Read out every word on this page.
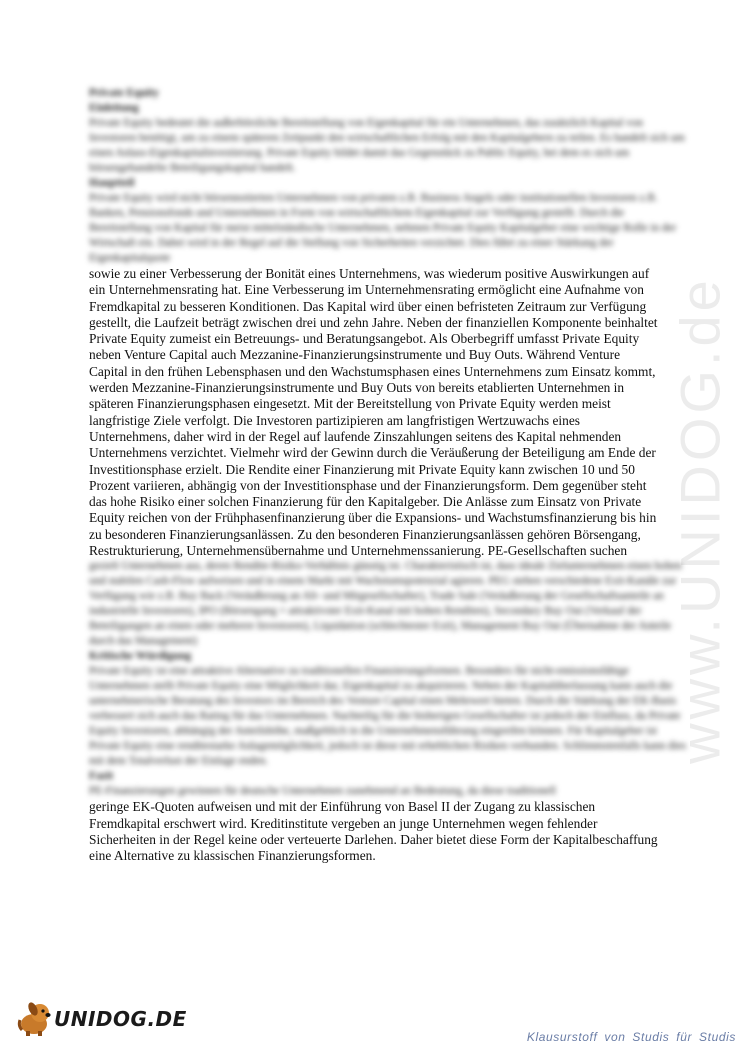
www.UNIDOG.de
Private Equity
Einleitung
Private Equity bedeutet die außerbörsliche Bereitstellung von Eigenkapital für ein Unternehmen, das zusätzlich Kapital von Investoren benötigt, um zu einem späteren Zeitpunkt den wirtschaftlichen Erfolg mit den Kapitalgebern zu teilen. Es handelt sich um einen Anlass-Eigenkapitalinvestierung. Private Equity bildet damit das Gegenstück zu Public Equity, bei dem es sich um börsengehandelte Beteiligungskapital handelt.
Hauptteil
Private Equity wird nicht börsennotierten Unternehmen von privaten z.B. Business Angels oder institutionellen Investoren z.B. Banken, Pensionsfonds und Unternehmen in Form von wirtschaftlichem Eigenkapital zur Verfügung gestellt. Durch die Bereitstellung von Kapital für meist mittelständische Unternehmen, nehmen Private Equity Kapitalgeber eine wichtige Rolle in der Wirtschaft ein. Dabei wird in der Regel auf die Stellung von Sicherheiten verzichtet. Dies führt zu einer Stärkung der Eigenkapitalquote
sowie zu einer Verbesserung der Bonität eines Unternehmens, was wiederum positive Auswirkungen auf
ein Unternehmensrating hat. Eine Verbesserung im Unternehmensrating ermöglicht eine Aufnahme von
Fremdkapital zu besseren Konditionen. Das Kapital wird über einen befristeten Zeitraum zur Verfügung
gestellt, die Laufzeit beträgt zwischen drei und zehn Jahre. Neben der finanziellen Komponente beinhaltet
Private Equity zumeist ein Betreuungs- und Beratungsangebot. Als Oberbegriff umfasst Private Equity
neben Venture Capital auch Mezzanine-Finanzierungsinstrumente und Buy Outs. Während Venture
Capital in den frühen Lebensphasen und den Wachstumsphasen eines Unternehmens zum Einsatz kommt,
werden Mezzanine-Finanzierungsinstrumente und Buy Outs von bereits etablierten Unternehmen in
späteren Finanzierungsphasen eingesetzt. Mit der Bereitstellung von Private Equity werden meist
langfristige Ziele verfolgt. Die Investoren partizipieren am langfristigen Wertzuwachs eines
Unternehmens, daher wird in der Regel auf laufende Zinszahlungen seitens des Kapital nehmenden
Unternehmens verzichtet. Vielmehr wird der Gewinn durch die Veräußerung der Beteiligung am Ende der
Investitionsphase erzielt. Die Rendite einer Finanzierung mit Private Equity kann zwischen 10 und 50
Prozent variieren, abhängig von der Investitionsphase und der Finanzierungsform. Dem gegenüber steht
das hohe Risiko einer solchen Finanzierung für den Kapitalgeber. Die Anlässe zum Einsatz von Private
Equity reichen von der Frühphasenfinanzierung über die Expansions- und Wachstumsfinanzierung bis hin
zu besonderen Finanzierungsanlässen. Zu den besonderen Finanzierungsanlässen gehören Börsengang,
Restrukturierung, Unternehmensübernahme und Unternehmenssanierung. PE-Gesellschaften suchen
gezielt Unternehmen aus, deren Rendite-Risiko-Verhältnis günstig ist. Charakteristisch ist, dass ideale Zielunternehmen einen hohen und stabilen Cash-Flow aufweisen und in einem Markt mit Wachstumspotenzial agieren. PEG stehen verschiedene Exit-Kanäle zur Verfügung wie z.B. Buy Back (Veräußerung an Alt- und Mitgesellschafter), Trade Sale (Veräußerung der Gesellschaftsanteile an industrielle Investoren), IPO (Börsengang = attraktivster Exit-Kanal mit hohen Renditen), Secondary Buy Out (Verkauf der Beteiligungen an einen oder mehrere Investoren), Liquidation (schlechtester Exit), Management Buy Out (Übernahme der Anteile durch das Management)
Kritische Würdigung
Private Equity ist eine attraktive Alternative zu traditionellen Finanzierungsformen. Besonders für nicht-emissionsfähige Unternehmen stellt Private Equity eine Möglichkeit dar, Eigenkapital zu akquirieren. Neben der Kapitalüberlassung kann auch die unternehmerische Beratung des Investors im Bereich des Venture Capital einen Mehrwert bieten. Durch die Stärkung der EK-Basis verbessert sich auch das Rating für das Unternehmen. Nachteilig für die bisherigen Gesellschafter ist jedoch der Einfluss, da Private Equity Investoren, abhängig der Anteilshöhe, maßgeblich in die Unternehmensführung eingreifen können. Für Kapitalgeber ist Private Equity eine renditestarke Anlagemöglichkeit, jedoch ist diese mit erheblichen Risiken verbunden. Schlimmstenfalls kann dies mit dem Totalverlust der Einlage enden.
Fazit
PE-Finanzierungen gewinnen für deutsche Unternehmen zunehmend an Bedeutung, da diese traditionell
geringe EK-Quoten aufweisen und mit der Einführung von Basel II der Zugang zu klassischen
Fremdkapital erschwert wird. Kreditinstitute vergeben an junge Unternehmen wegen fehlender
Sicherheiten in der Regel keine oder verteuerte Darlehen. Daher bietet diese Form der Kapitalbeschaffung
eine Alternative zu klassischen Finanzierungsformen.
UNIDOG.DE
Klausurstoff von Studis für Studis
